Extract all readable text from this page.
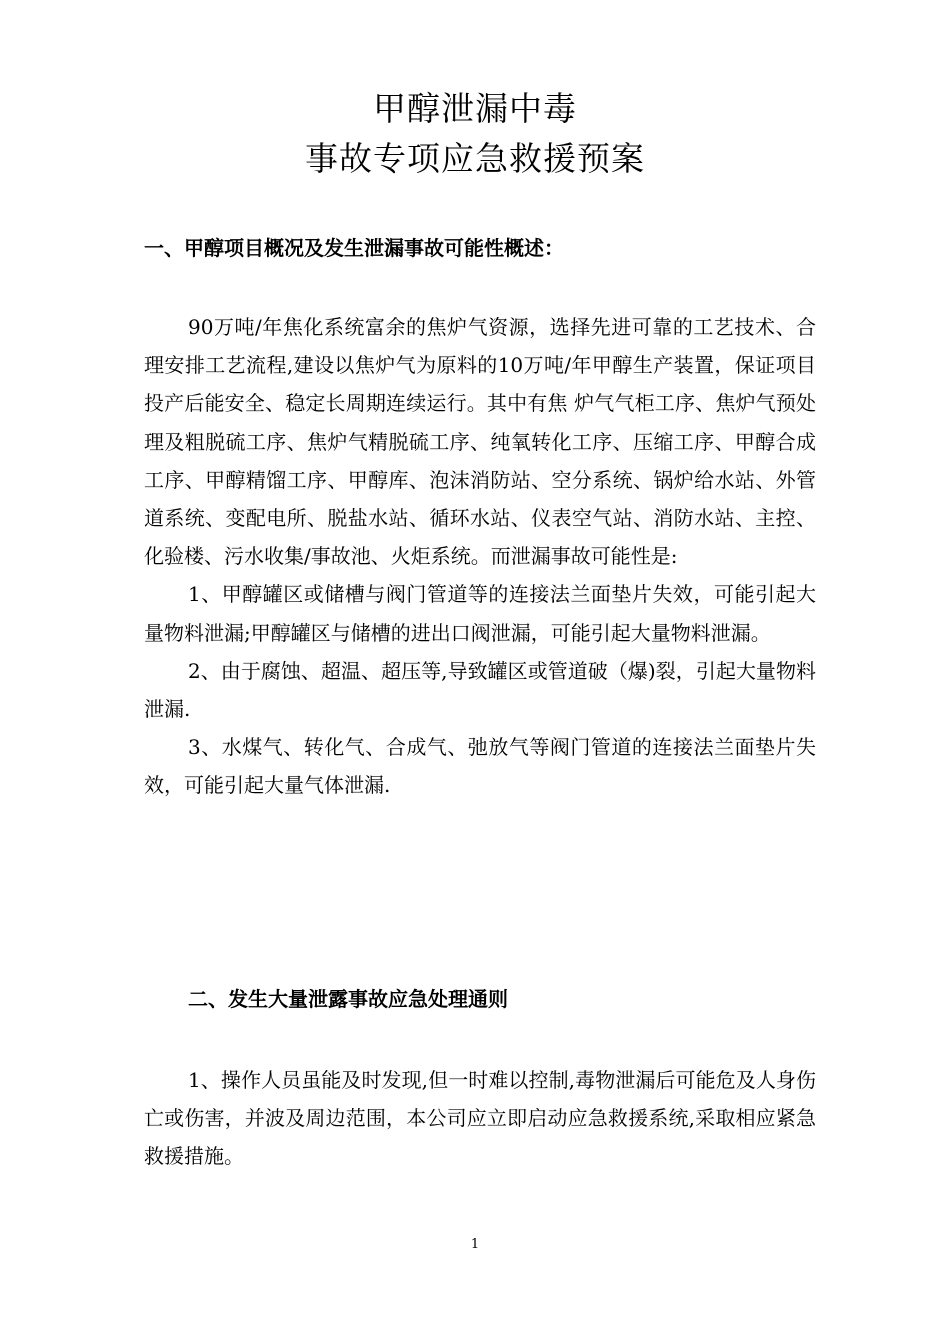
甲醇泄漏中毒
事故专项应急救援预案
一、甲醇项目概况及发生泄漏事故可能性概述：

90万吨/年焦化系统富余的焦炉气资源，选择先进可靠的工艺技术、合理安排工艺流程,建设以焦炉气为原料的10万吨/年甲醇生产装置，保证项目投产后能安全、稳定长周期连续运行。其中有焦 炉气气柜工序、焦炉气预处理及粗脱硫工序、焦炉气精脱硫工序、纯氧转化工序、压缩工序、甲醇合成工序、甲醇精馏工序、甲醇库、泡沫消防站、空分系统、锅炉给水站、外管道系统、变配电所、脱盐水站、循环水站、仪表空气站、消防水站、主控、化验楼、污水收集/事故池、火炬系统。而泄漏事故可能性是:

1、甲醇罐区或储槽与阀门管道等的连接法兰面垫片失效，可能引起大量物料泄漏;甲醇罐区与储槽的进出口阀泄漏，可能引起大量物料泄漏。

2、由于腐蚀、超温、超压等,导致罐区或管道破（爆)裂，引起大量物料泄漏.

3、水煤气、转化气、合成气、弛放气等阀门管道的连接法兰面垫片失效，可能引起大量气体泄漏.

二、发生大量泄露事故应急处理通则

1、操作人员虽能及时发现,但一时难以控制,毒物泄漏后可能危及人身伤亡或伤害，并波及周边范围，本公司应立即启动应急救援系统,采取相应紧急救援措施。

1
